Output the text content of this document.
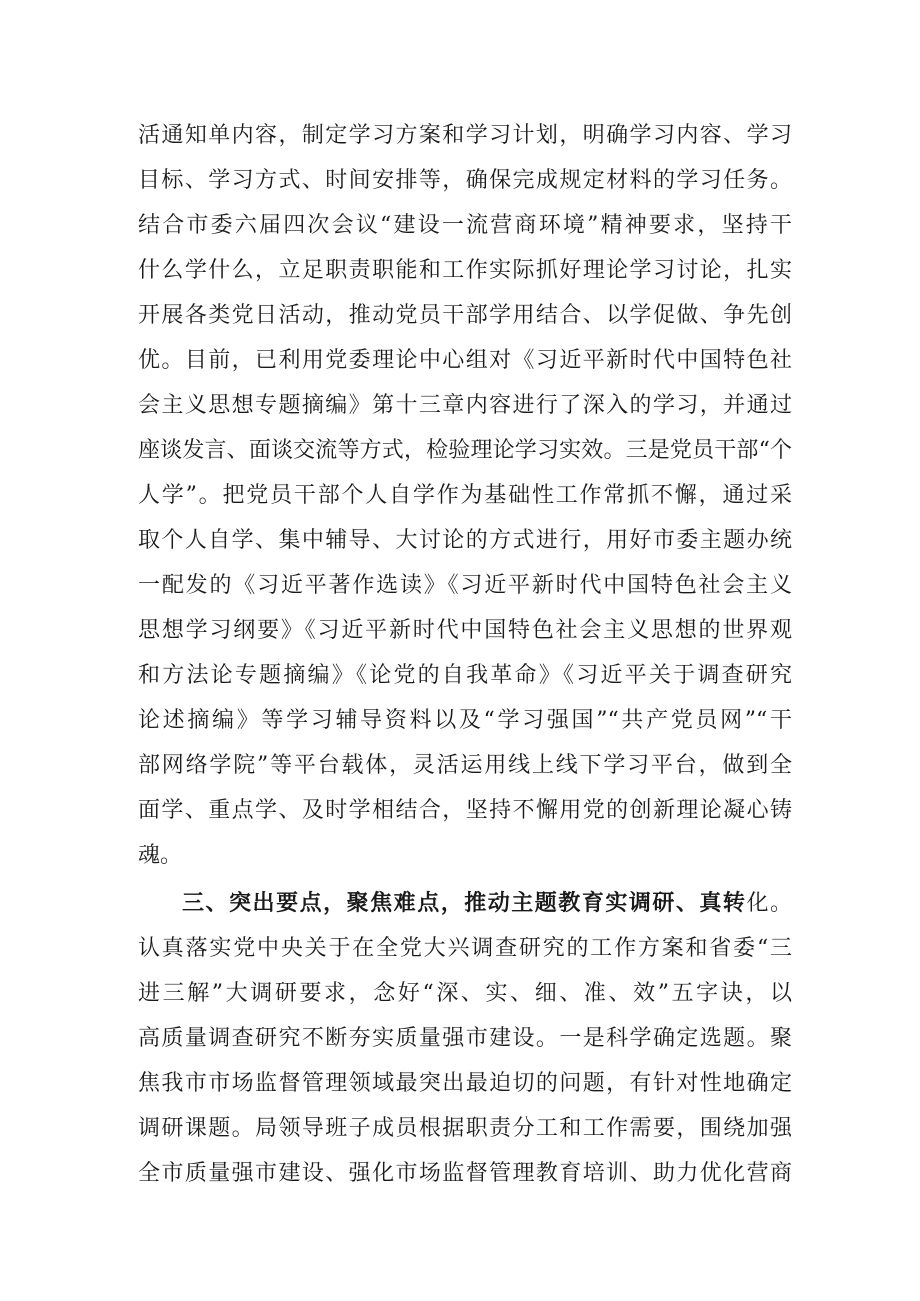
活通知单内容，制定学习方案和学习计划，明确学习内容、学习
目标、学习方式、时间安排等，确保完成规定材料的学习任务。
结合市委六届四次会议“建设一流营商环境”精神要求，坚持干
什么学什么，立足职责职能和工作实际抓好理论学习讨论，扎实
开展各类党日活动，推动党员干部学用结合、以学促做、争先创
优。目前，已利用党委理论中心组对《习近平新时代中国特色社
会主义思想专题摘编》第十三章内容进行了深入的学习，并通过
座谈发言、面谈交流等方式，检验理论学习实效。三是党员干部“个
人学”。把党员干部个人自学作为基础性工作常抓不懈，通过采
取个人自学、集中辅导、大讨论的方式进行，用好市委主题办统
一配发的《习近平著作选读》《习近平新时代中国特色社会主义
思想学习纲要》《习近平新时代中国特色社会主义思想的世界观
和方法论专题摘编》《论党的自我革命》《习近平关于调查研究
论述摘编》等学习辅导资料以及“学习强国”“共产党员网”“干
部网络学院”等平台载体，灵活运用线上线下学习平台，做到全
面学、重点学、及时学相结合，坚持不懈用党的创新理论凝心铸
魂。
三、突出要点，聚焦难点，推动主题教育实调研、真转化。
认真落实党中央关于在全党大兴调查研究的工作方案和省委“三
进三解”大调研要求，念好“深、实、细、准、效”五字诀，以
高质量调查研究不断夯实质量强市建设。一是科学确定选题。聚
焦我市市场监督管理领域最突出最迫切的问题，有针对性地确定
调研课题。局领导班子成员根据职责分工和工作需要，围绕加强
全市质量强市建设、强化市场监督管理教育培训、助力优化营商
